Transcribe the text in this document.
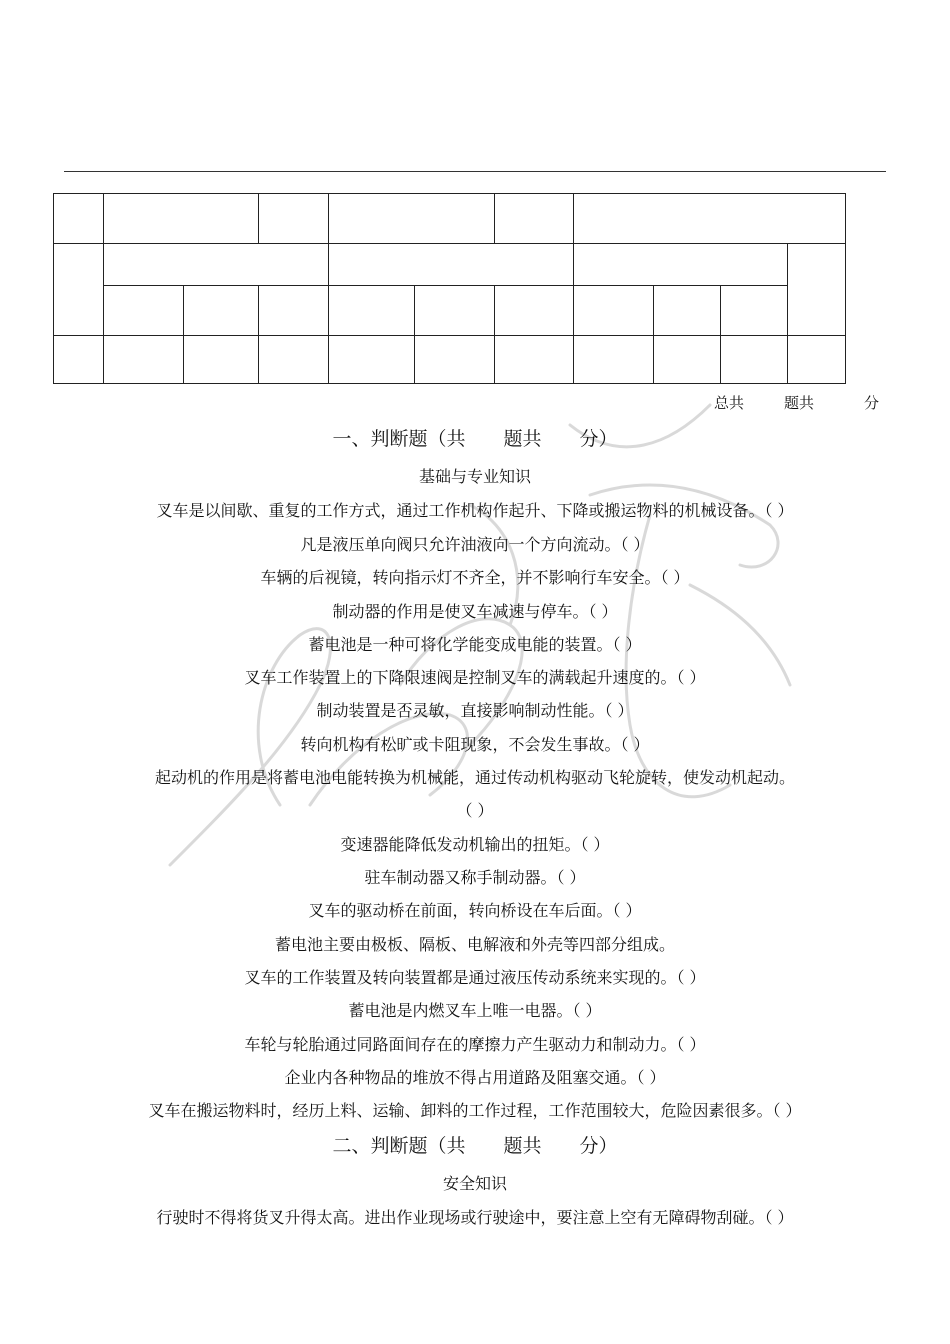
总共	题共	分
一、判断题（共　　题共　　分）
基础与专业知识
叉车是以间歇、重复的工作方式，通过工作机构作起升、下降或搬运物料的机械设备。（ ）
凡是液压单向阀只允许油液向一个方向流动。（ ）
车辆的后视镜，转向指示灯不齐全，并不影响行车安全。（ ）
制动器的作用是使叉车减速与停车。（ ）
蓄电池是一种可将化学能变成电能的装置。（ ）
叉车工作装置上的下降限速阀是控制叉车的满载起升速度的。（ ）
制动装置是否灵敏，直接影响制动性能。（ ）
转向机构有松旷或卡阻现象，不会发生事故。（ ）
起动机的作用是将蓄电池电能转换为机械能，通过传动机构驱动飞轮旋转，使发动机起动。
（ ）
变速器能降低发动机输出的扭矩。（ ）
驻车制动器又称手制动器。（ ）
叉车的驱动桥在前面，转向桥设在车后面。（ ）
蓄电池主要由极板、隔板、电解液和外壳等四部分组成。
叉车的工作装置及转向装置都是通过液压传动系统来实现的。（ ）
蓄电池是内燃叉车上唯一电器。（ ）
车轮与轮胎通过同路面间存在的摩擦力产生驱动力和制动力。（ ）
企业内各种物品的堆放不得占用道路及阻塞交通。（ ）
叉车在搬运物料时，经历上料、运输、卸料的工作过程，工作范围较大，危险因素很多。（ ）
二、判断题（共　　题共　　分）
安全知识
行驶时不得将货叉升得太高。进出作业现场或行驶途中，要注意上空有无障碍物刮碰。（ ）
